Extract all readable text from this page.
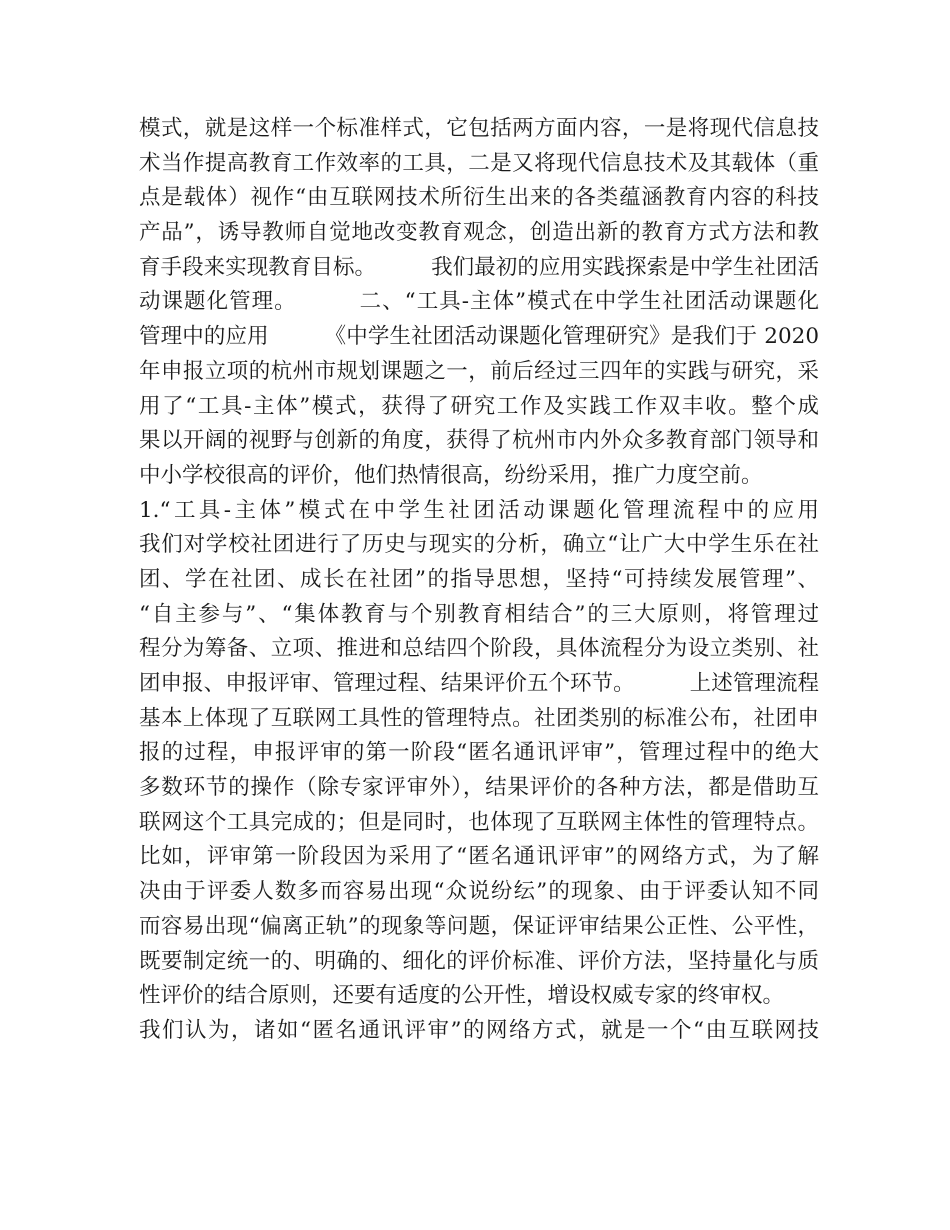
模式，就是这样一个标准样式，它包括两方面内容，一是将现代信息技
术当作提高教育工作效率的工具，二是又将现代信息技术及其载体（重
点是载体）视作“由互联网技术所衍生出来的各类蕴涵教育内容的科技
产品”，诱导教师自觉地改变教育观念，创造出新的教育方式方法和教
育手段来实现教育目标。        我们最初的应用实践探索是中学生社团活
动课题化管理。        二、“工具-主体”模式在中学生社团活动课题化
管理中的应用        《中学生社团活动课题化管理研究》是我们于 2020
年申报立项的杭州市规划课题之一，前后经过三四年的实践与研究，采
用了“工具-主体”模式，获得了研究工作及实践工作双丰收。整个成
果以开阔的视野与创新的角度，获得了杭州市内外众多教育部门领导和
中小学校很高的评价，他们热情很高，纷纷采用，推广力度空前。
1.“工具-主体”模式在中学生社团活动课题化管理流程中的应用
我们对学校社团进行了历史与现实的分析，确立“让广大中学生乐在社
团、学在社团、成长在社团”的指导思想，坚持“可持续发展管理”、
“自主参与”、“集体教育与个别教育相结合”的三大原则，将管理过
程分为筹备、立项、推进和总结四个阶段，具体流程分为设立类别、社
团申报、申报评审、管理过程、结果评价五个环节。        上述管理流程
基本上体现了互联网工具性的管理特点。社团类别的标准公布，社团申
报的过程，申报评审的第一阶段“匿名通讯评审”，管理过程中的绝大
多数环节的操作（除专家评审外），结果评价的各种方法，都是借助互
联网这个工具完成的；但是同时，也体现了互联网主体性的管理特点。
比如，评审第一阶段因为采用了“匿名通讯评审”的网络方式，为了解
决由于评委人数多而容易出现“众说纷纭”的现象、由于评委认知不同
而容易出现“偏离正轨”的现象等问题，保证评审结果公正性、公平性，
既要制定统一的、明确的、细化的评价标准、评价方法，坚持量化与质
性评价的结合原则，还要有适度的公开性，增设权威专家的终审权。
我们认为，诸如“匿名通讯评审”的网络方式，就是一个“由互联网技
